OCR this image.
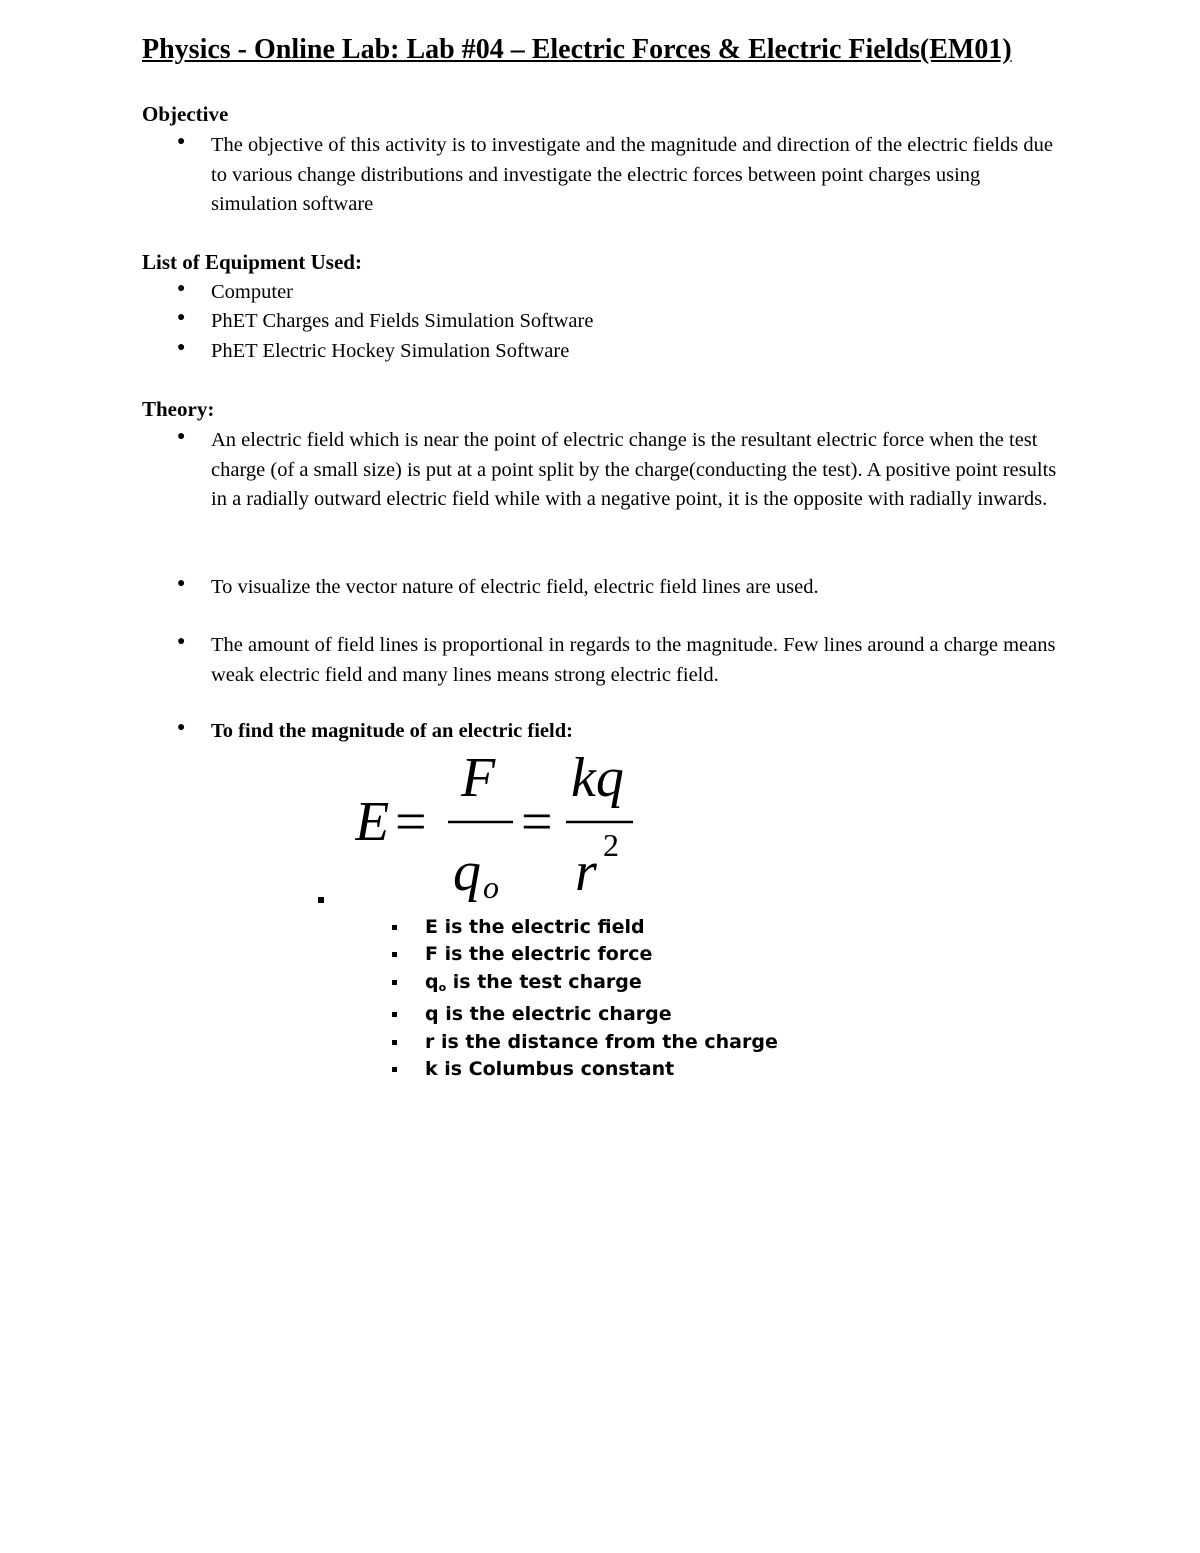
Physics - Online Lab: Lab #04 – Electric Forces & Electric Fields(EM01)
Objective
● The objective of this activity is to investigate and the magnitude and direction of the electric fields due to various change distributions and investigate the electric forces between point charges using simulation software
List of Equipment Used:
● Computer
● PhET Charges and Fields Simulation Software
● PhET Electric Hockey Simulation Software
Theory:
● An electric field which is near the point of electric change is the resultant electric force when the test charge (of a small size) is put at a point split by the charge(conducting the test). A positive point results in a radially outward electric field while with a negative point, it is the opposite with radially inwards.
● To visualize the vector nature of electric field, electric field lines are used.
● The amount of field lines is proportional in regards to the magnitude. Few lines around a charge means weak electric field and many lines means strong electric field.
● To find the magnitude of an electric field:
E =
F
q o
=
kq
r 2
E is the electric field
F is the electric force
qo is the test charge
q is the electric charge
r is the distance from the charge
k is Columbus constant
